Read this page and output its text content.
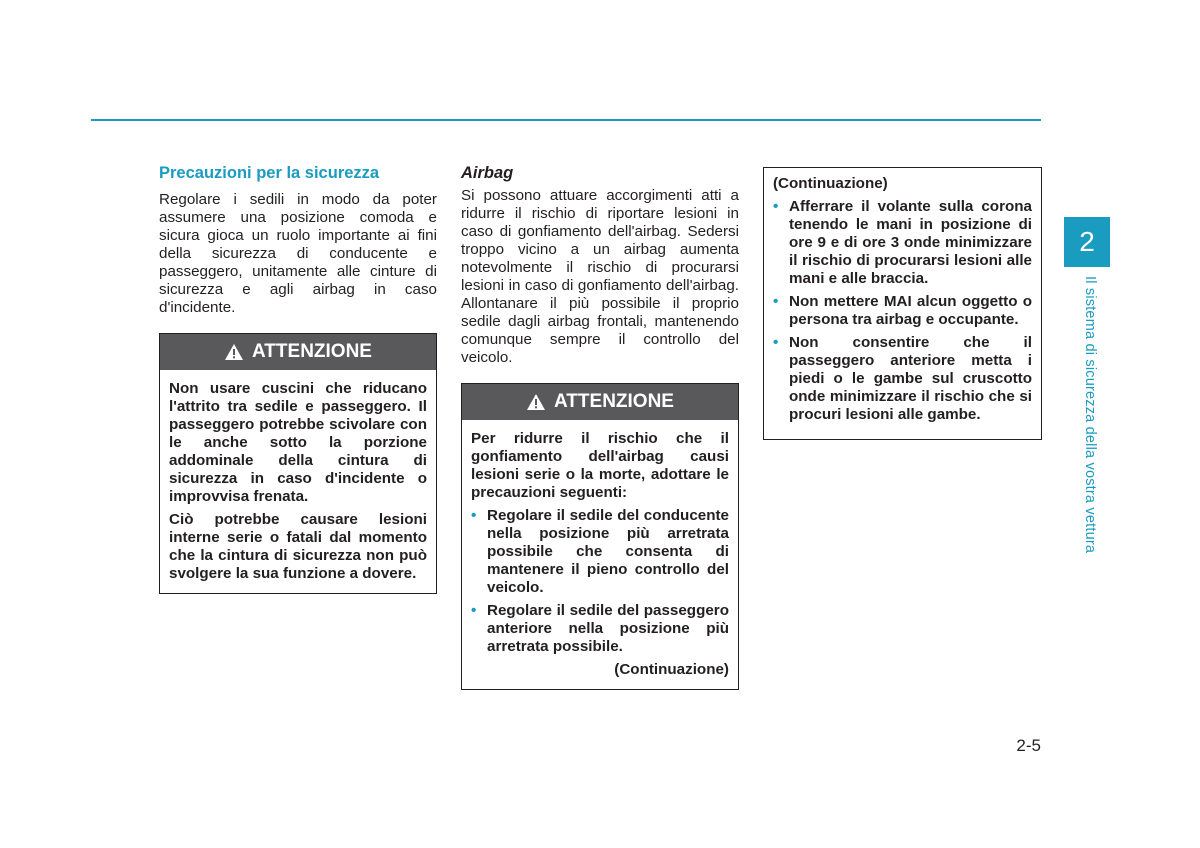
Precauzioni per la sicurezza

Regolare i sedili in modo da poter assumere una posizione comoda e sicura gioca un ruolo importante ai fini della sicurezza di conducente e passeggero, unitamente alle cinture di sicurezza e agli airbag in caso d'incidente.

ATTENZIONE

Non usare cuscini che riducano l'attrito tra sedile e passeggero. Il passeggero potrebbe scivolare con le anche sotto la porzione addominale della cintura di sicurezza in caso d'incidente o improvvisa frenata.

Ciò potrebbe causare lesioni interne serie o fatali dal momento che la cintura di sicurezza non può svolgere la sua funzione a dovere.

Airbag

Si possono attuare accorgimenti atti a ridurre il rischio di riportare lesioni in caso di gonfiamento dell'airbag. Sedersi troppo vicino a un airbag aumenta notevolmente il rischio di procurarsi lesioni in caso di gonfiamento dell'airbag. Allontanare il più possibile il proprio sedile dagli airbag frontali, mantenendo comunque sempre il controllo del veicolo.

ATTENZIONE

Per ridurre il rischio che il gonfiamento dell'airbag causi lesioni serie o la morte, adottare le precauzioni seguenti:

• Regolare il sedile del conducente nella posizione più arretrata possibile che consenta di mantenere il pieno controllo del veicolo.
• Regolare il sedile del passeggero anteriore nella posizione più arretrata possibile.

(Continuazione)

(Continuazione)

• Afferrare il volante sulla corona tenendo le mani in posizione di ore 9 e di ore 3 onde minimizzare il rischio di procurarsi lesioni alle mani e alle braccia.
• Non mettere MAI alcun oggetto o persona tra airbag e occupante.
• Non consentire che il passeggero anteriore metta i piedi o le gambe sul cruscotto onde minimizzare il rischio che si procuri lesioni alle gambe.
2
Il sistema di sicurezza della vostra vettura
2-5
